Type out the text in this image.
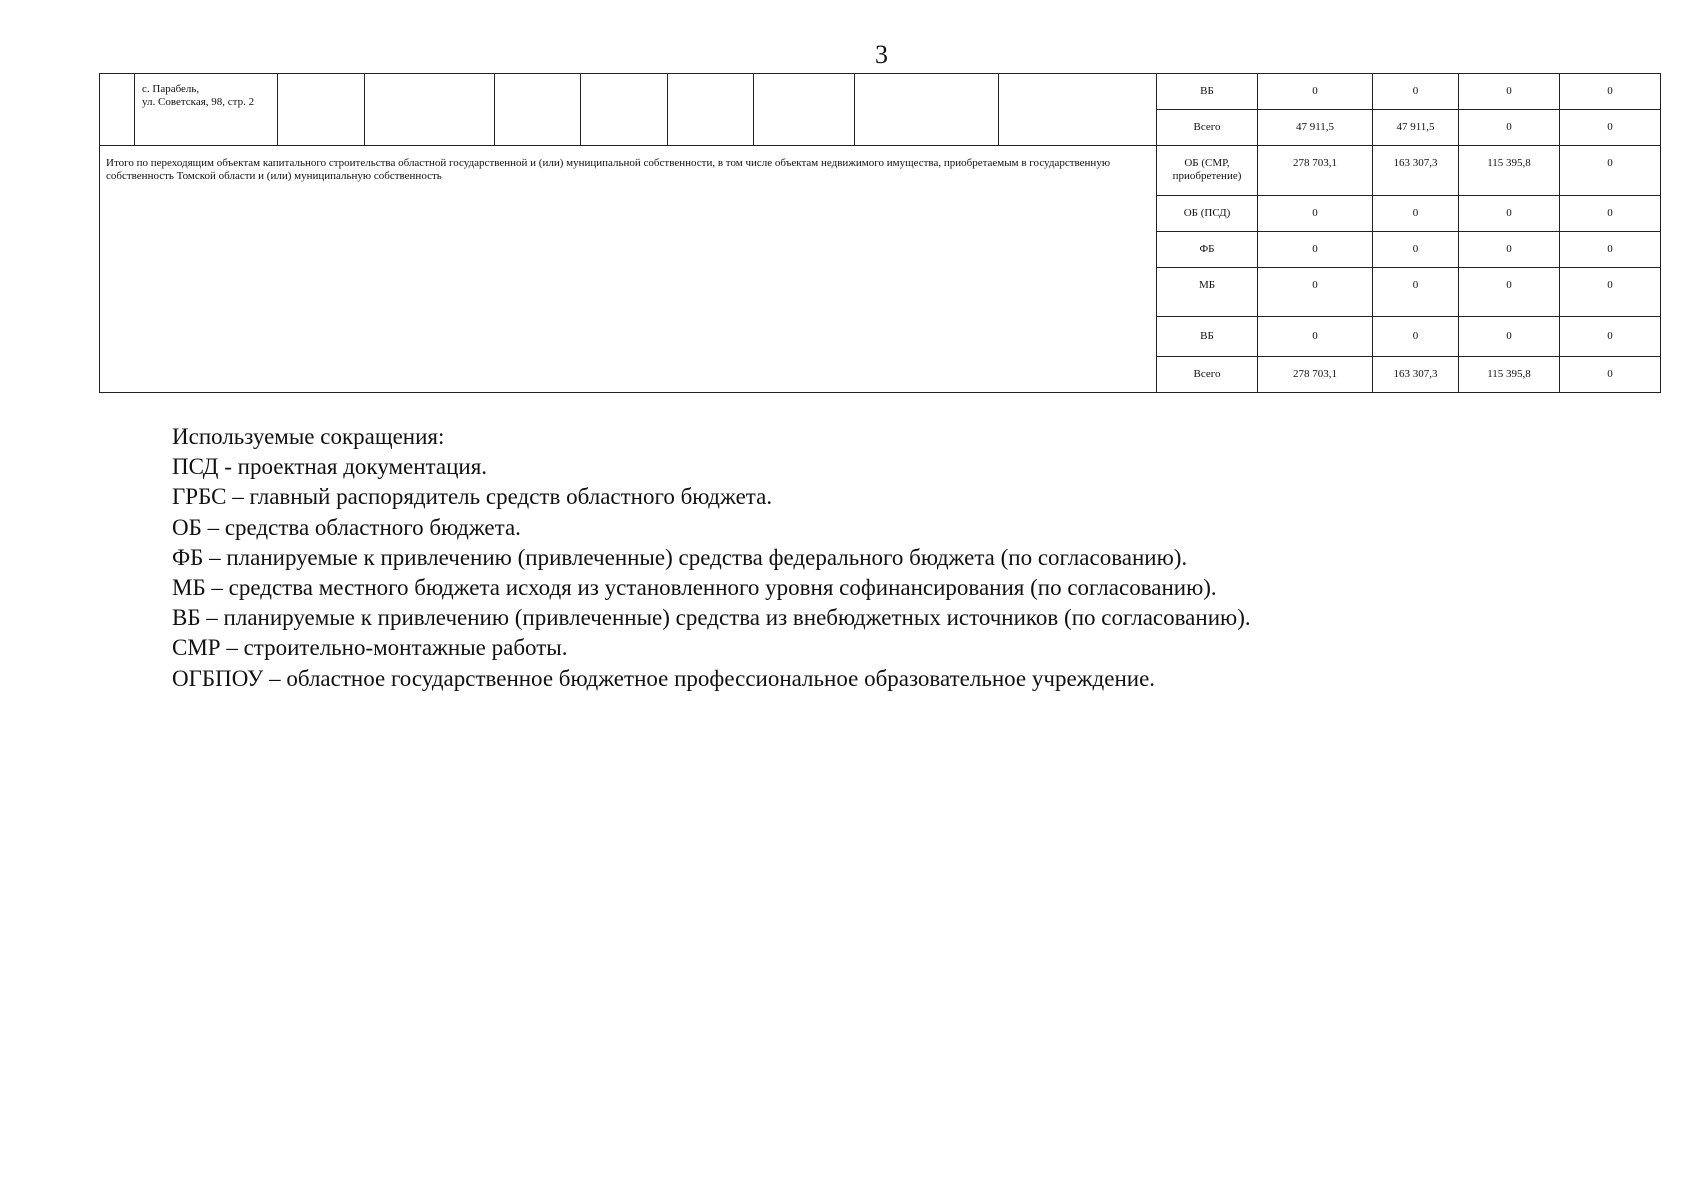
3

	с. Парабель,
ул. Советская, 98, стр. 2									ВБ	0	0	0	0
										Всего	47 911,5	47 911,5	0	0
Итого по переходящим объектам капитального строительства областной государственной и (или) муниципальной собственности, в том числе объектам недвижимого имущества, приобретаемым в государственную собственность Томской области и (или) муниципальную собственность										ОБ (СМР, приобретение)	278 703,1	163 307,3	115 395,8	0
										ОБ (ПСД)	0	0	0	0
										ФБ	0	0	0	0
										МБ	0	0	0	0
										ВБ	0	0	0	0
										Всего	278 703,1	163 307,3	115 395,8	0
Используемые сокращения:
ПСД - проектная документация.
ГРБС – главный распорядитель средств областного бюджета.
ОБ – средства областного бюджета.
ФБ – планируемые к привлечению (привлеченные) средства федерального бюджета (по согласованию).
МБ – средства местного бюджета исходя из установленного уровня софинансирования (по согласованию).
ВБ – планируемые к привлечению (привлеченные) средства из внебюджетных источников (по согласованию).
СМР – строительно-монтажные работы.
ОГБПОУ – областное государственное бюджетное профессиональное образовательное учреждение.
